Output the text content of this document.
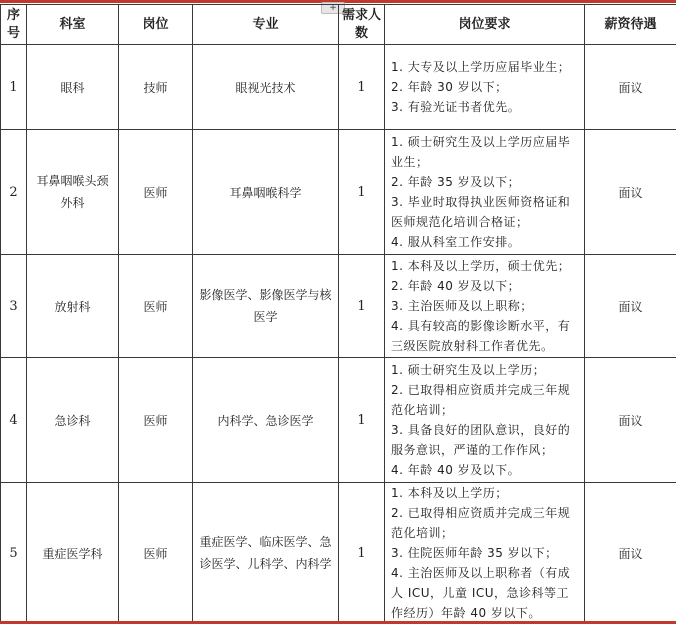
+
序号	科室	岗位	专业	需求人数	岗位要求	薪资待遇
1	眼科	技师	眼视光技术	1	1. 大专及以上学历应届毕业生；
2. 年龄 30 岁以下；
3. 有验光证书者优先。	面议
2	耳鼻咽喉头颈外科	医师	耳鼻咽喉科学	1	1. 硕士研究生及以上学历应届毕业生；
2. 年龄 35 岁及以下；
3. 毕业时取得执业医师资格证和医师规范化培训合格证；
4. 服从科室工作安排。	面议
3	放射科	医师	影像医学、影像医学与核医学	1	1. 本科及以上学历，硕士优先；
2. 年龄 40 岁及以下；
3. 主治医师及以上职称；
4. 具有较高的影像诊断水平，有三级医院放射科工作者优先。	面议
4	急诊科	医师	内科学、急诊医学	1	1. 硕士研究生及以上学历；
2. 已取得相应资质并完成三年规范化培训；
3. 具备良好的团队意识，良好的服务意识，严谨的工作作风；
4. 年龄 40 岁及以下。	面议
5	重症医学科	医师	重症医学、临床医学、急诊医学、儿科学、内科学	1	1. 本科及以上学历；
2. 已取得相应资质并完成三年规范化培训；
3. 住院医师年龄 35 岁以下；
4. 主治医师及以上职称者（有成人 ICU，儿童 ICU，急诊科等工作经历）年龄 40 岁以下。	面议
